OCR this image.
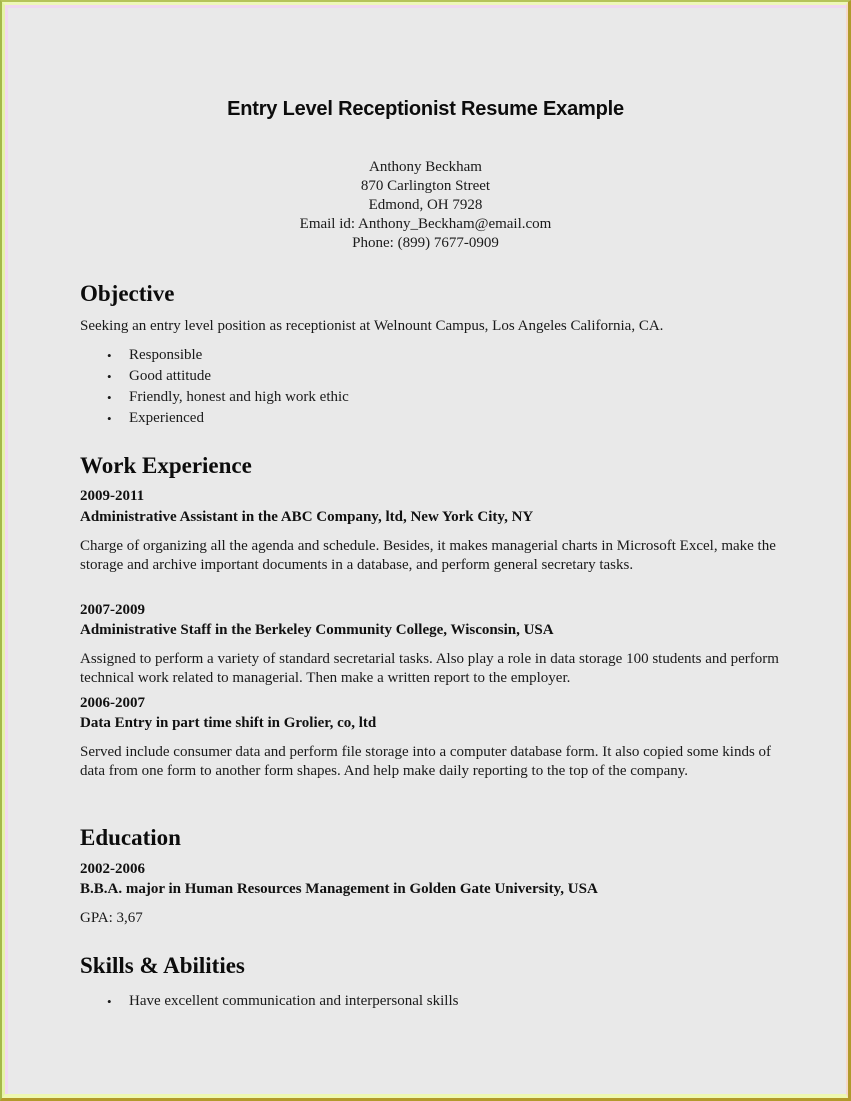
Entry Level Receptionist Resume Example
Anthony Beckham
870 Carlington Street
Edmond, OH 7928
Email id: Anthony_Beckham@email.com
Phone: (899) 7677-0909
Objective
Seeking an entry level position as receptionist at Welnount Campus, Los Angeles California, CA.
• Responsible
• Good attitude
• Friendly, honest and high work ethic
• Experienced
Work Experience
2009-2011
Administrative Assistant in the ABC Company, ltd, New York City, NY
Charge of organizing all the agenda and schedule. Besides, it makes managerial charts in Microsoft Excel, make the storage and archive important documents in a database, and perform general secretary tasks.
2007-2009
Administrative Staff in the Berkeley Community College, Wisconsin, USA
Assigned to perform a variety of standard secretarial tasks. Also play a role in data storage 100 students and perform technical work related to managerial. Then make a written report to the employer.
2006-2007
Data Entry in part time shift in Grolier, co, ltd
Served include consumer data and perform file storage into a computer database form. It also copied some kinds of data from one form to another form shapes. And help make daily reporting to the top of the company.
Education
2002-2006
B.B.A. major in Human Resources Management in Golden Gate University, USA
GPA: 3,67
Skills & Abilities
• Have excellent communication and interpersonal skills
